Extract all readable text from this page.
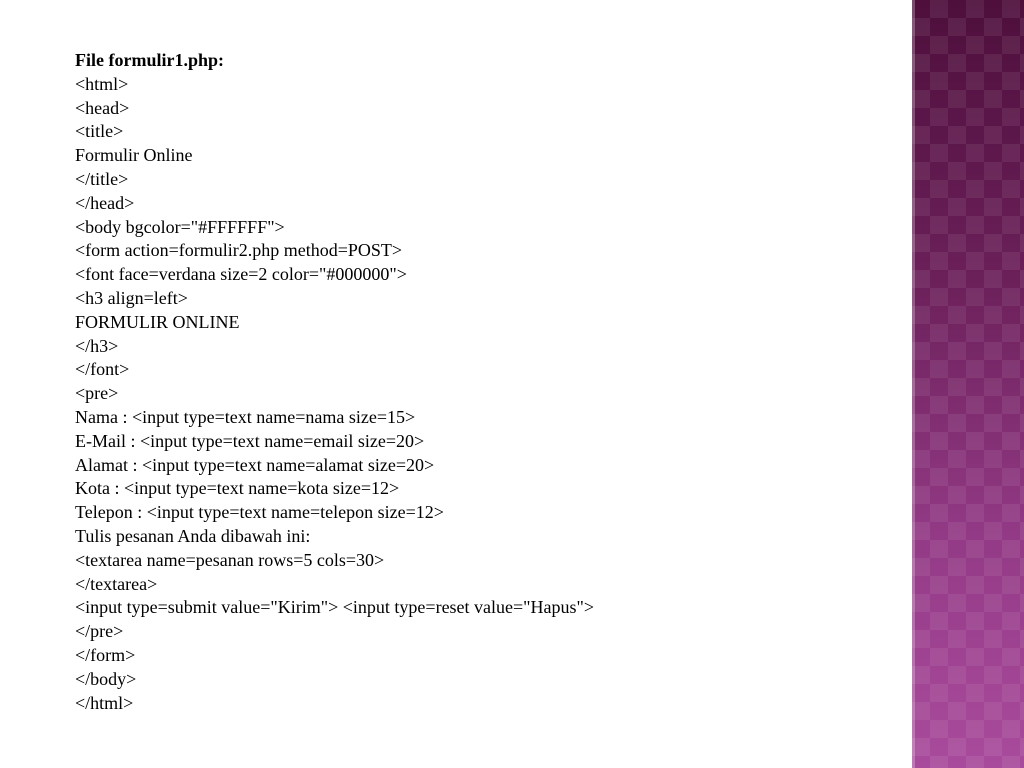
File formulir1.php:
<html>
<head>
<title>
Formulir Online
</title>
</head>
<body bgcolor="#FFFFFF">
<form action=formulir2.php method=POST>
<font face=verdana size=2 color="#000000">
<h3 align=left>
FORMULIR ONLINE
</h3>
</font>
<pre>
Nama : <input type=text name=nama size=15>
E-Mail : <input type=text name=email size=20>
Alamat : <input type=text name=alamat size=20>
Kota : <input type=text name=kota size=12>
Telepon : <input type=text name=telepon size=12>
Tulis pesanan Anda dibawah ini:
<textarea name=pesanan rows=5 cols=30>
</textarea>
<input type=submit value="Kirim"> <input type=reset value="Hapus">
</pre>
</form>
</body>
</html>
